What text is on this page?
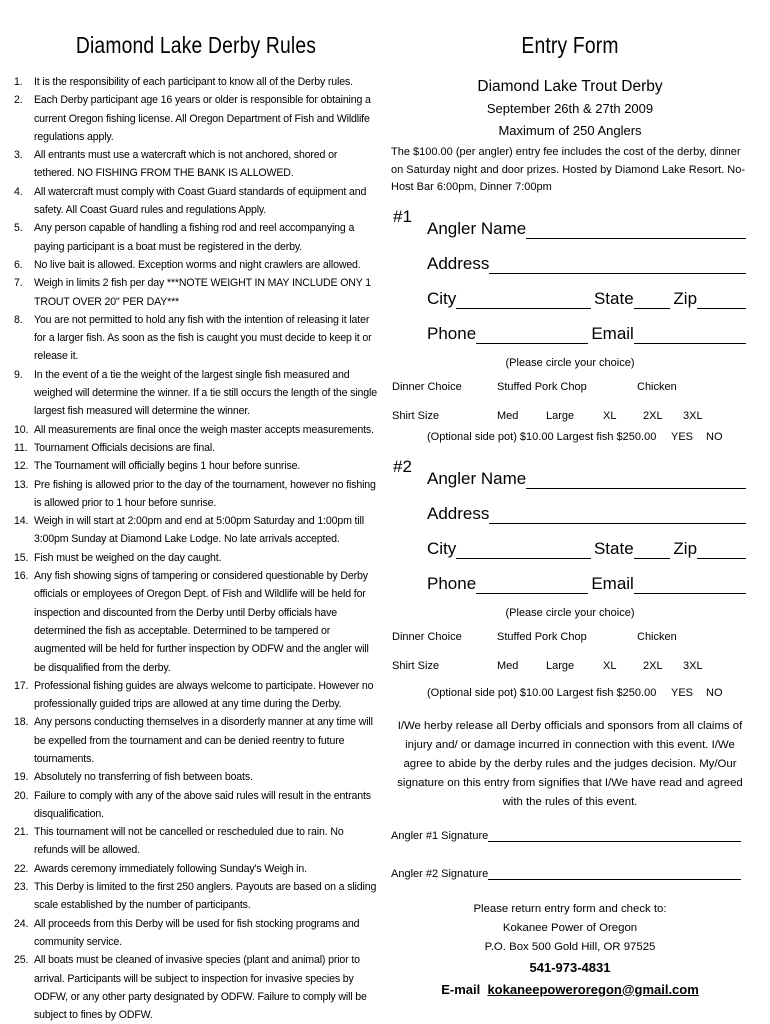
Diamond Lake Derby Rules
1.	It is the responsibility of each participant to know all of the Derby rules.
2.	Each Derby participant age 16 years or older is responsible for obtaining a current Oregon fishing license. All Oregon Department of Fish and Wildlife regulations apply.
3.	All entrants must use a watercraft which is not anchored, shored or tethered. NO FISHING FROM THE BANK IS ALLOWED.
4.	All watercraft must comply with Coast Guard standards of equipment and safety. All Coast Guard rules and regulations Apply.
5.	Any person capable of handling a fishing rod and reel accompanying a paying participant is a boat must be registered in the derby.
6.	No live bait is allowed. Exception worms and night crawlers are allowed.
7.	Weigh in limits 2 fish per day ***NOTE WEIGHT IN MAY INCLUDE ONY 1 TROUT OVER 20" PER DAY***
8.	You are not permitted to hold any fish with the intention of releasing it later for a larger fish. As soon as the fish is caught you must decide to keep it or release it.
9.	In the event of a tie the weight of the largest single fish measured and weighed will determine the winner. If a tie still occurs the length of the single largest fish measured will determine the winner.
10. All measurements are final once the weigh master accepts measurements.
11. Tournament Officials decisions are final.
12. The Tournament will officially begins 1 hour before sunrise.
13. Pre fishing is allowed prior to the day of the tournament, however no fishing is allowed prior to 1 hour before sunrise.
14. Weigh in will start at 2:00pm and end at 5:00pm Saturday and 1:00pm till 3:00pm Sunday at Diamond Lake Lodge. No late arrivals accepted.
15. Fish must be weighed on the day caught.
16. Any fish showing signs of tampering or considered questionable by Derby officials or employees of Oregon Dept. of Fish and Wildlife will be held for inspection and discounted from the Derby until Derby officials have determined the fish as acceptable. Determined to be tampered or augmented will be held for further inspection by ODFW and the angler will be disqualified from the derby.
17. Professional fishing guides are always welcome to participate. However no professionally guided trips are allowed at any time during the Derby.
18. Any persons conducting themselves in a disorderly manner at any time will be expelled from the tournament and can be denied reentry to future tournaments.
19. Absolutely no transferring of fish between boats.
20. Failure to comply with any of the above said rules will result in the entrants disqualification.
21. This tournament will not be cancelled or rescheduled due to rain. No refunds will be allowed.
22. Awards ceremony immediately following Sunday's Weigh in.
23. This Derby is limited to the first 250 anglers. Payouts are based on a sliding scale established by the number of participants.
24. All proceeds from this Derby will be used for fish stocking programs and community service.
25. All boats must be cleaned of invasive species (plant and animal) prior to arrival. Participants will be subject to inspection for invasive species by ODFW, or any other party designated by ODFW. Failure to comply will be subject to fines by ODFW.
Entry Form
Diamond Lake Trout Derby
September 26th & 27th 2009
Maximum of 250 Anglers
The $100.00 (per angler) entry fee includes the cost of the derby, dinner on Saturday night and door prizes. Hosted by Diamond Lake Resort. No-Host Bar 6:00pm, Dinner 7:00pm
#1
Angler Name
Address
City	State Zip
Phone	Email
(Please circle your choice)
Dinner Choice	Stuffed Pork Chop	Chicken
Shirt Size	Med	Large	XL 2XL 3XL
(Optional side pot) $10.00 Largest fish $250.00 YES NO
#2
Angler Name
Address
City	State Zip
Phone	Email
(Please circle your choice)
Dinner Choice	Stuffed Pork Chop	Chicken
Shirt Size	Med	Large	XL 2XL 3XL
(Optional side pot) $10.00 Largest fish $250.00 YES NO
I/We herby release all Derby officials and sponsors from all claims of injury and/ or damage incurred in connection with this event. I/We agree to abide by the derby rules and the judges decision. My/Our signature on this entry from signifies that I/We have read and agreed with the rules of this event.
Angler #1 Signature
Angler #2 Signature
Please return entry form and check to:
Kokanee Power of Oregon
P.O. Box 500 Gold Hill, OR 97525
541-973-4831
E-mail kokaneepoweroregon@gmail.com
